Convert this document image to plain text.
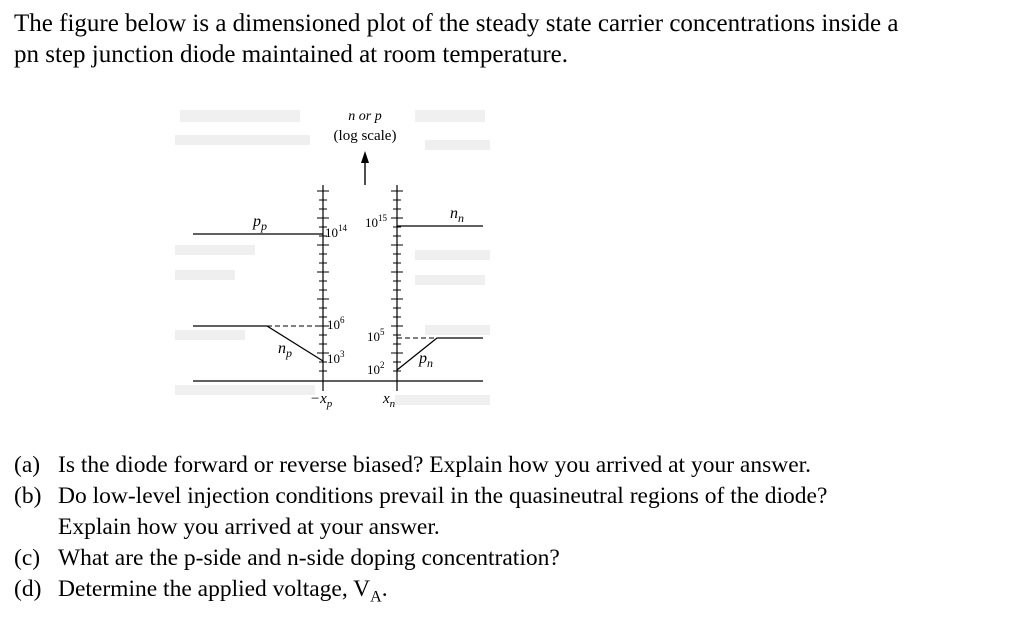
The figure below is a dimensioned plot of the steady state carrier concentrations inside a
pn step junction diode maintained at room temperature.

n or p
(log scale)
$p_p$
$n_n$
$n_p$	$p_n$
$10^{14}$ $10^{15}$
$10^6$
$10^5$
$10^3$
$10^2$
$-x_p$	$x_n$
(a) Is the diode forward or reverse biased? Explain how you arrived at your answer.
(b) Do low-level injection conditions prevail in the quasineutral regions of the diode?
Explain how you arrived at your answer.
(c) What are the p-side and n-side doping concentration?
(d) Determine the applied voltage, $V_A$.
